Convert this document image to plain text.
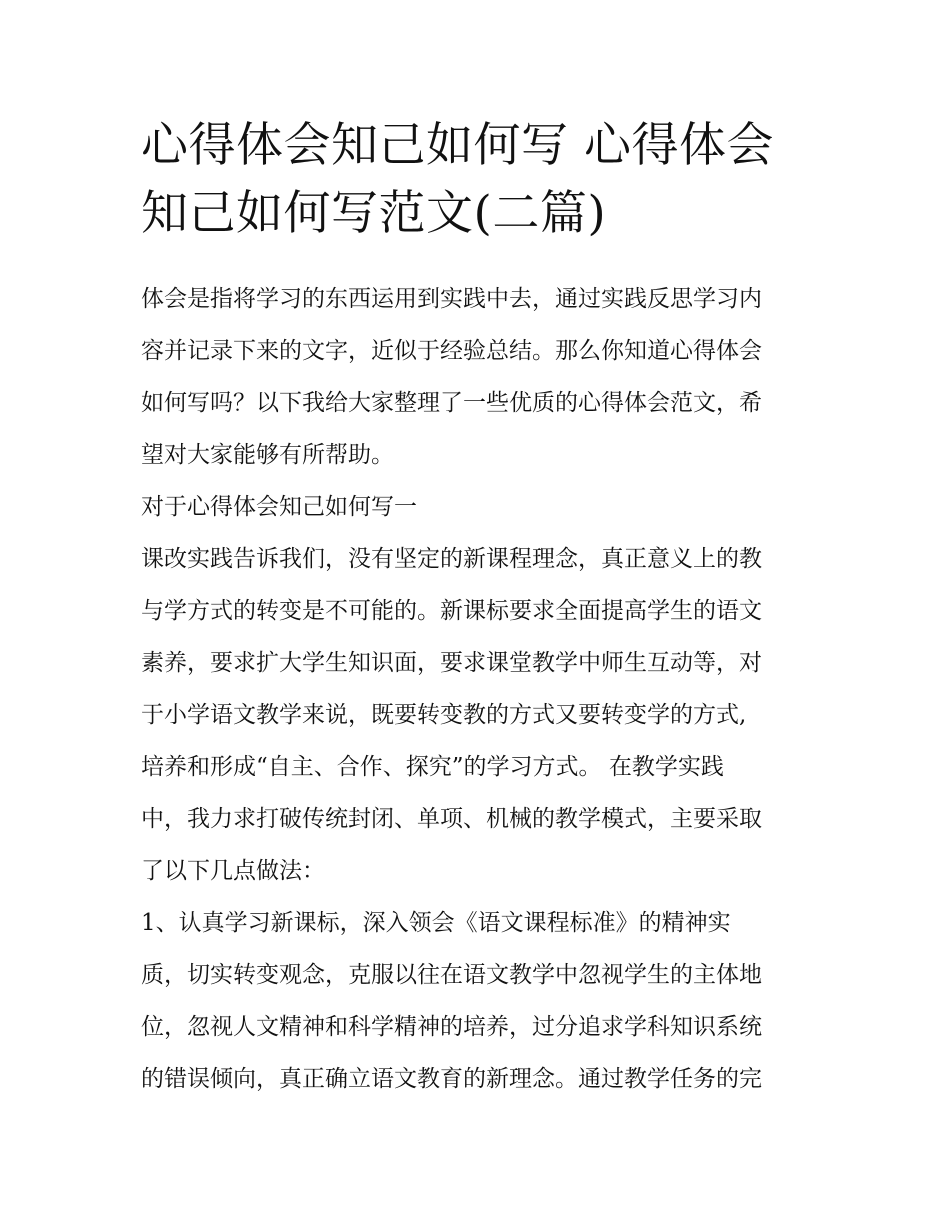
心得体会知己如何写 心得体会
知己如何写范文(二篇)

体会是指将学习的东西运用到实践中去，通过实践反思学习内
容并记录下来的文字，近似于经验总结。那么你知道心得体会
如何写吗？以下我给大家整理了一些优质的心得体会范文，希
望对大家能够有所帮助。

对于心得体会知己如何写一

课改实践告诉我们，没有坚定的新课程理念，真正意义上的教
与学方式的转变是不可能的。新课标要求全面提高学生的语文
素养，要求扩大学生知识面，要求课堂教学中师生互动等，对
于小学语文教学来说，既要转变教的方式又要转变学的方式,
培养和形成“自主、合作、探究”的学习方式。 在教学实践
中，我力求打破传统封闭、单项、机械的教学模式，主要采取
了以下几点做法：

1、认真学习新课标，深入领会《语文课程标准》的精神实
质，切实转变观念，克服以往在语文教学中忽视学生的主体地
位，忽视人文精神和科学精神的培养，过分追求学科知识系统
的错误倾向，真正确立语文教育的新理念。通过教学任务的完
